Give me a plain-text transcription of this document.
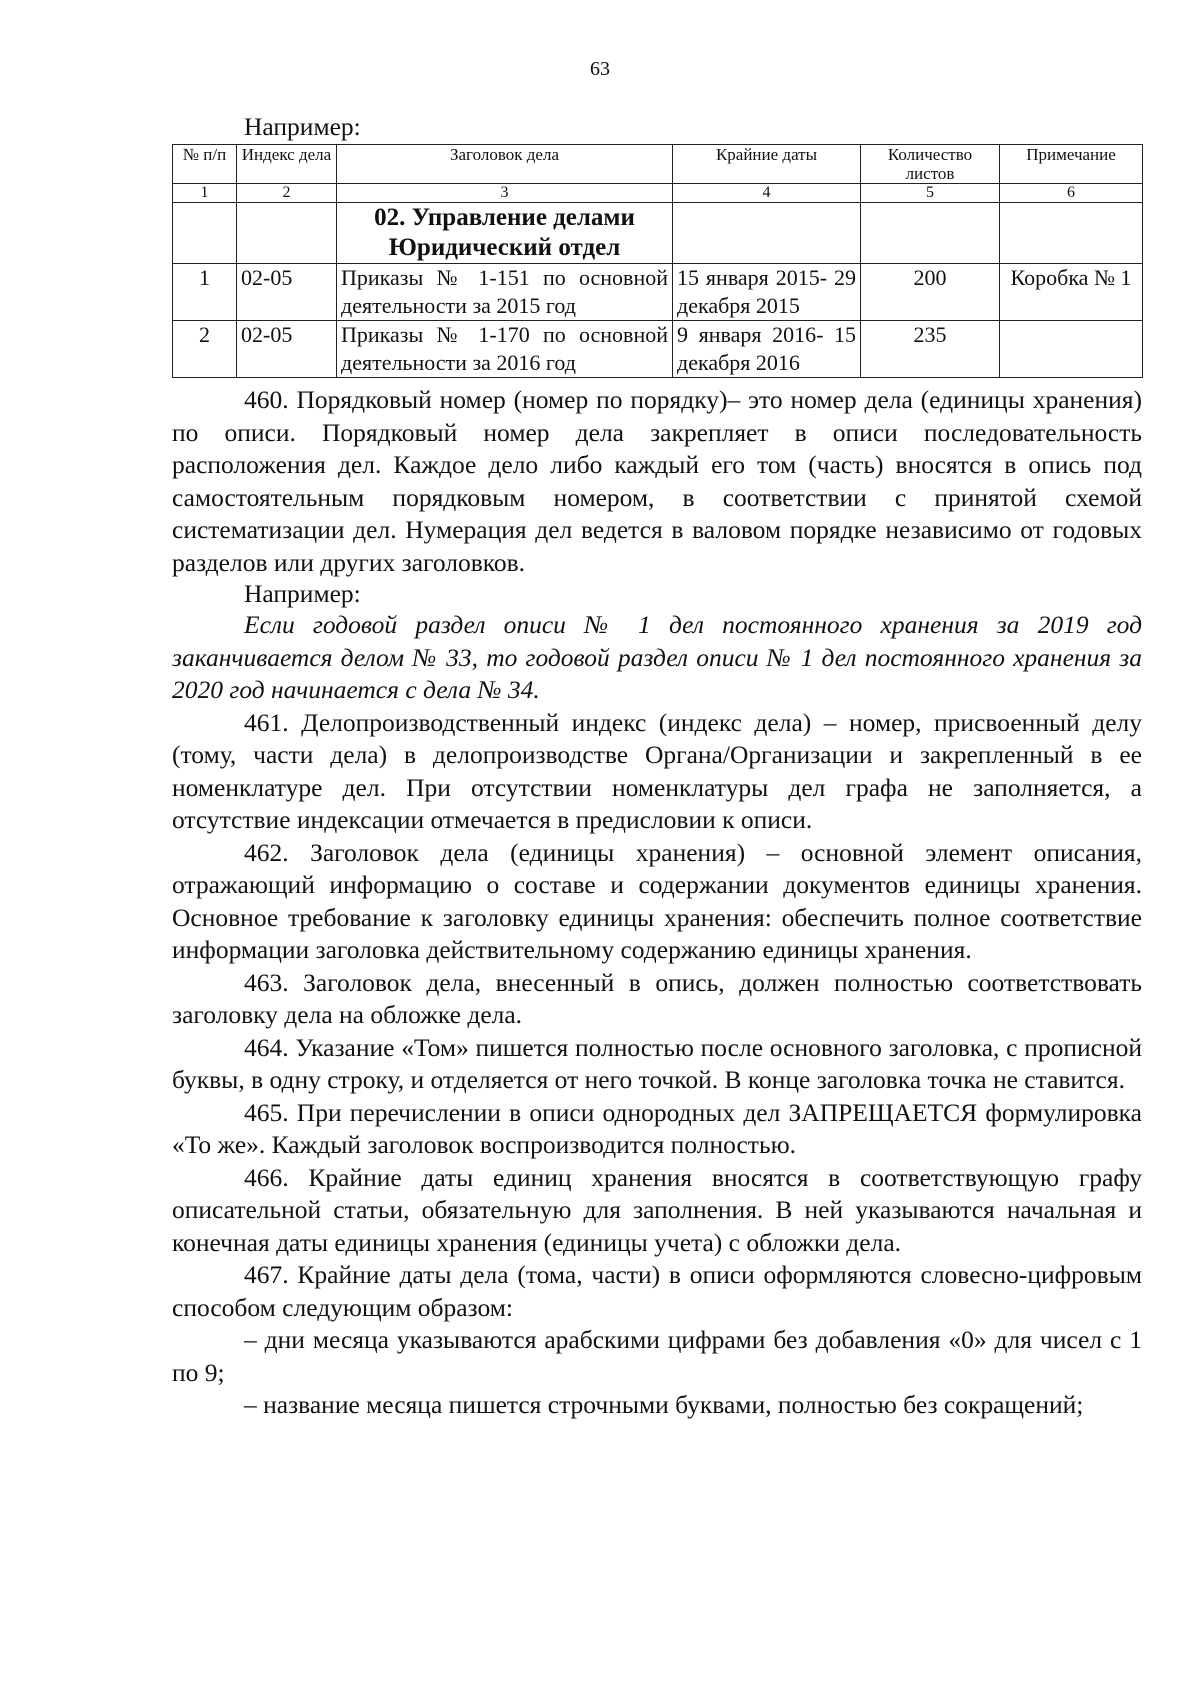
63

Например:

№ п/п	Индекс дела	Заголовок дела	Крайние даты	Количество листов	Примечание
1	2	3	4	5	6

		02. Управление делами
Юридический отдел			

1	02-05	Приказы № 1-151 по основной деятельности за 2015 год	15 января 2015- 29 декабря 2015	200	Коробка № 1
2	02-05	Приказы № 1-170 по основной деятельности за 2016 год	9 января 2016- 15 декабря 2016	235	

460. Порядковый номер (номер по порядку)– это номер дела (единицы хранения) по описи. Порядковый номер дела закрепляет в описи последовательность расположения дел. Каждое дело либо каждый его том (часть) вносятся в опись под самостоятельным порядковым номером, в соответствии с принятой схемой систематизации дел. Нумерация дел ведется в валовом порядке независимо от годовых разделов или других заголовков.

Например:

Если годовой раздел описи № 1 дел постоянного хранения за 2019 год заканчивается делом № 33, то годовой раздел описи № 1 дел постоянного хранения за 2020 год начинается с дела № 34.

461. Делопроизводственный индекс (индекс дела) – номер, присвоенный делу (тому, части дела) в делопроизводстве Органа/Организации и закрепленный в ее номенклатуре дел. При отсутствии номенклатуры дел графа не заполняется, а отсутствие индексации отмечается в предисловии к описи.

462. Заголовок дела (единицы хранения) – основной элемент описания, отражающий информацию о составе и содержании документов единицы хранения. Основное требование к заголовку единицы хранения: обеспечить полное соответствие информации заголовка действительному содержанию единицы хранения.

463. Заголовок дела, внесенный в опись, должен полностью соответствовать заголовку дела на обложке дела.

464. Указание «Том» пишется полностью после основного заголовка, с прописной буквы, в одну строку, и отделяется от него точкой. В конце заголовка точка не ставится.

465. При перечислении в описи однородных дел ЗАПРЕЩАЕТСЯ формулировка «То же». Каждый заголовок воспроизводится полностью.

466. Крайние даты единиц хранения вносятся в соответствующую графу описательной статьи, обязательную для заполнения. В ней указываются начальная и конечная даты единицы хранения (единицы учета) с обложки дела.

467. Крайние даты дела (тома, части) в описи оформляются словесно-цифровым способом следующим образом:

– дни месяца указываются арабскими цифрами без добавления «0» для чисел с 1 по 9;

– название месяца пишется строчными буквами, полностью без сокращений;
